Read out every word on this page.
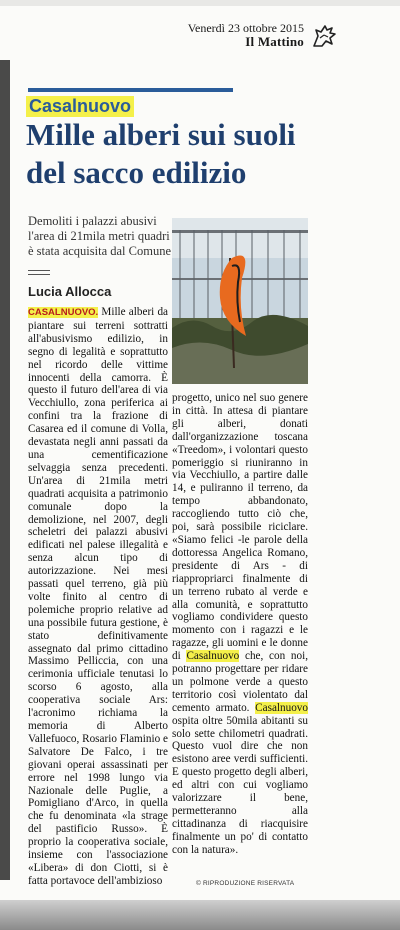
Venerdì 23 ottobre 2015
Il Mattino
Casalnuovo
Mille alberi sui suoli del sacco edilizio
Demoliti i palazzi abusivi l'area di 21mila metri quadri è stata acquisita dal Comune
Lucia Allocca

CASALNUOVO. Mille alberi da piantare sui terreni sottratti all'abusivismo edilizio, in segno di legalità e soprattutto nel ricordo delle vittime innocenti della camorra. È questo il futuro dell'area di via Vecchiullo, zona periferica ai confini tra la frazione di Casarea ed il comune di Volla, devastata negli anni passati da una cementificazione selvaggia senza precedenti. Un'area di 21mila metri quadrati acquisita a patrimonio comunale dopo la demolizione, nel 2007, degli scheletri dei palazzi abusivi edificati nel palese illegalità e senza alcun tipo di autorizzazione. Nei mesi passati quel terreno, già più volte finito al centro di polemiche proprio relative ad una possibile futura gestione, è stato definitivamente assegnato dal primo cittadino Massimo Pelliccia, con una cerimonia ufficiale tenutasi lo scorso 6 agosto, alla cooperativa sociale Ars: l'acronimo richiama la memoria di Alberto Vallefuoco, Rosario Flaminio e Salvatore De Falco, i tre giovani operai assassinati per errore nel 1998 lungo via Nazionale delle Puglie, a Pomigliano d'Arco, in quella che fu denominata «la strage del pastificio Russo». È proprio la cooperativa sociale, insieme con l'associazione «Libera» di don Ciotti, si è fatta portavoce dell'ambizioso

progetto, unico nel suo genere in città. In attesa di piantare gli alberi, donati dall'organizzazione toscana «Treedom», i volontari questo pomeriggio si riuniranno in via Vecchiullo, a partire dalle 14, e puliranno il terreno, da tempo abbandonato, raccogliendo tutto ciò che, poi, sarà possibile riciclare. «Siamo felici -le parole della dottoressa Angelica Romano, presidente di Ars - di riappropriarci finalmente di un terreno rubato al verde e alla comunità, e soprattutto vogliamo condividere questo momento con i ragazzi e le ragazze, gli uomini e le donne di Casalnuovo che, con noi, potranno progettare per ridare un polmone verde a questo territorio così violentato dal cemento armato. Casalnuovo ospita oltre 50mila abitanti su solo sette chilometri quadrati. Questo vuol dire che non esistono aree verdi sufficienti. E questo progetto degli alberi, ed altri con cui vogliamo valorizzare il bene, permetteranno alla cittadinanza di riacquisire finalmente un po' di contatto con la natura».

© RIPRODUZIONE RISERVATA
